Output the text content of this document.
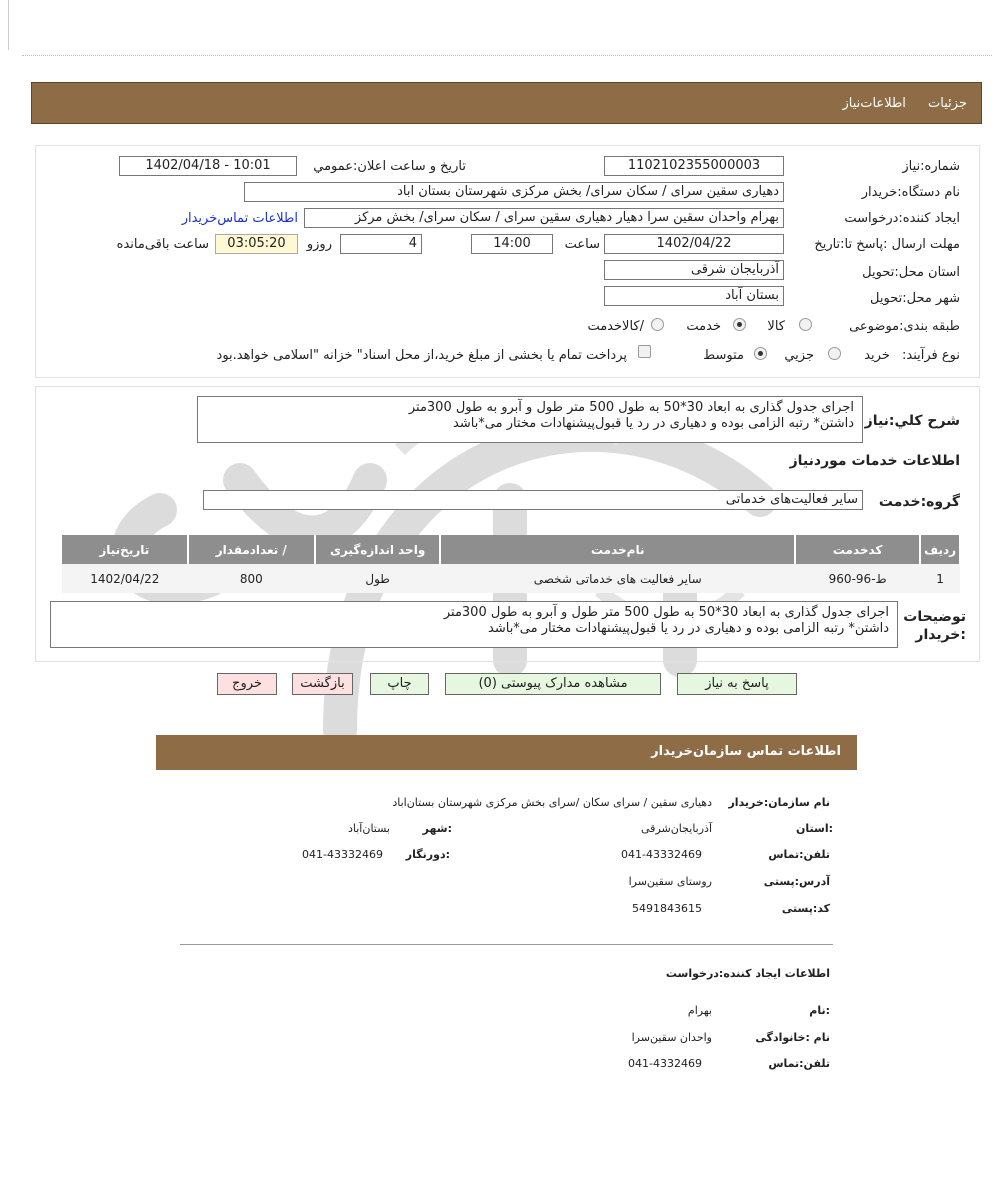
جزئیات اطلاعات‌نیاز
شماره:نیاز
1102102355000003
تاریخ و ساعت اعلان:عمومي
1402/04/18 - 10:01
نام دستگاه:خریدار
دهیاری سقین سرای / سکان سرای/ بخش مرکزی شهرستان بستان اباد
ایجاد کننده:درخواست
بهرام واحدان سقین سرا دهیار دهیاری سقین سرای / سکان سرای/ بخش مرکز
اطلاعات تماس‌خریدار
مهلت ارسال :پاسخ تا:تاریخ
1402/04/22
ساعت
14:00
روزو	4
03:05:20
ساعت باقی‌مانده
استان محل:تحویل
آذربایجان شرقی
شهر محل:تحویل
بستان آباد
طبقه بندی:موضوعی
کالا
خدمت
/کالاخدمت
نوع فرآیند: خرید
جزیي
متوسط
پرداخت تمام یا بخشی از مبلغ خرید،از محل اسناد" خزانه "اسلامی خواهد.بود
شرح کلي:نیاز
اجرای جدول گذاری به ابعاد 30*50 به طول 500 متر طول و آبرو به طول 300متر
داشتن* رتبه الزامی بوده و دهیاری در رد یا قبول‌پیشنهادات مختار می*باشد
اطلاعات خدمات مورد‌نیاز
گروه:خدمت
سایر فعالیت‌های خدماتی
ردیف	کدخدمت	نام‌خدمت	واحد اندازه‌گیری	/ تعداد‌مقدار	تاریخ‌نیاز
1	ط-96-960	سایر فعالیت های خدماتی شخصی	طول	800	1402/04/22
توضیحات
:خریدار
اجرای جدول گذاری به ابعاد 30*50 به طول 500 متر طول و آبرو به طول 300متر
داشتن* رتبه الزامی بوده و دهیاری در رد یا قبول‌پیشنهادات مختار می*باشد
پاسخ به نیاز
مشاهده مدارک پیوستی (0)
چاپ
بازگشت
خروج
اطلاعات تماس سازمان‌خریدار
نام سازمان:خریدار
دهیاری سقین / سرای سکان /سرای بخش مرکزی شهرستان بستان‌اباد
:استان
آذربایجان‌شرقی
:شهر
بستان‌آباد
تلفن:تماس
041-43332469
:دورنگار
041-43332469
آدرس:پستی
روستای سقین‌سرا
کد:پستی
5491843615
اطلاعات ایجاد کننده:درخواست
:نام
بهرام
نام :خانوادگی
واحدان سقین‌سرا
تلفن:تماس
041-4332469
